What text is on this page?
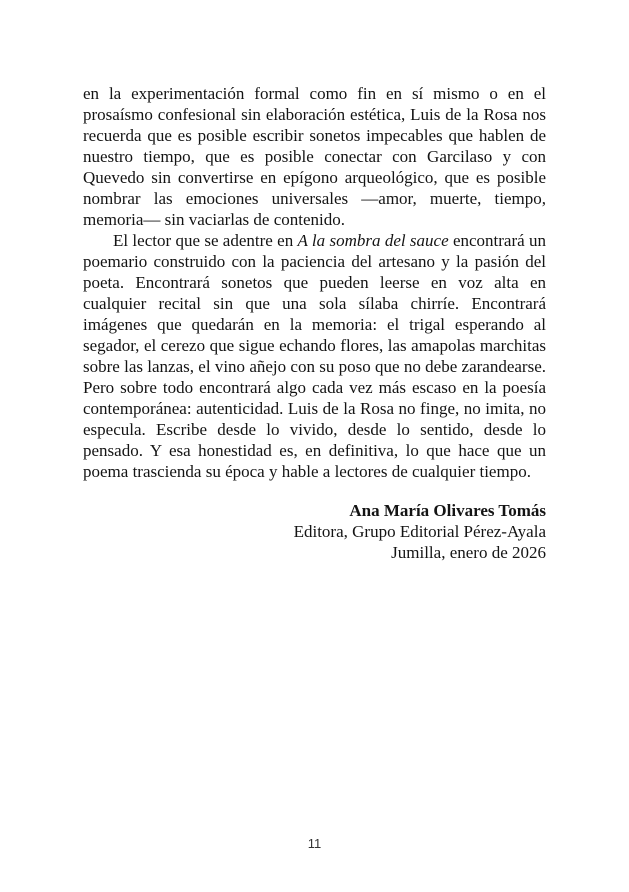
en la experimentación formal como fin en sí mismo o en el prosaísmo confesional sin elaboración estética, Luis de la Rosa nos recuerda que es posible escribir sonetos impecables que hablen de nuestro tiempo, que es posible conectar con Garcilaso y con Quevedo sin convertirse en epígono arqueológico, que es posible nombrar las emociones universales —amor, muerte, tiempo, memoria— sin vaciarlas de contenido.

El lector que se adentre en A la sombra del sauce encontrará un poemario construido con la paciencia del artesano y la pasión del poeta. Encontrará sonetos que pueden leerse en voz alta en cualquier recital sin que una sola sílaba chirríe. Encontrará imágenes que quedarán en la memoria: el trigal esperando al segador, el cerezo que sigue echando flores, las amapolas marchitas sobre las lanzas, el vino añejo con su poso que no debe zarandearse. Pero sobre todo encontrará algo cada vez más escaso en la poesía contemporánea: autenticidad. Luis de la Rosa no finge, no imita, no especula. Escribe desde lo vivido, desde lo sentido, desde lo pensado. Y esa honestidad es, en definitiva, lo que hace que un poema trascienda su época y hable a lectores de cualquier tiempo.

Ana María Olivares Tomás

Editora, Grupo Editorial Pérez-Ayala

Jumilla, enero de 2026

11
